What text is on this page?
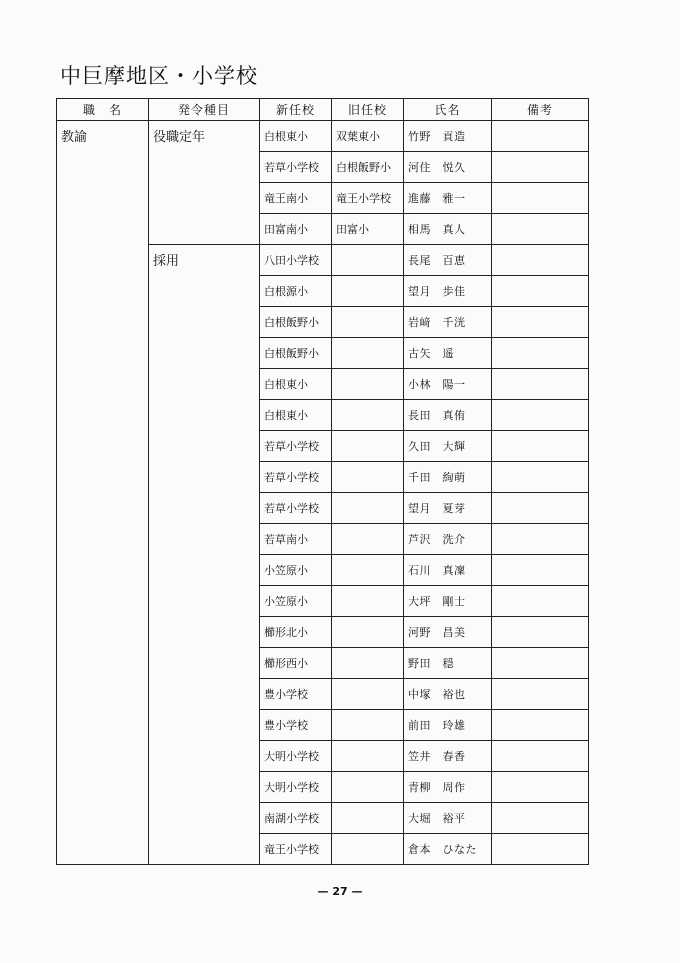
中巨摩地区・小学校
職　名	発令種目	新任校	旧任校	氏名	備考
教諭	役職定年	白根東小	双葉東小	竹野　貢造	
		若草小学校	白根飯野小	河住　悦久	
		竜王南小	竜王小学校	進藤　雅一	
		田富南小	田富小	相馬　真人	
	採用	八田小学校		長尾　百恵	
		白根源小		望月　歩佳	
		白根飯野小		岩﨑　千洸	
		白根飯野小		古矢　遥	
		白根東小		小林　陽一	
		白根東小		長田　真侑	
		若草小学校		久田　大輝	
		若草小学校		千田　絢萌	
		若草小学校		望月　夏芽	
		若草南小		芦沢　洗介	
		小笠原小		石川　真凜	
		小笠原小		大坪　剛士	
		櫛形北小		河野　昌美	
		櫛形西小		野田　穏	
		豊小学校		中塚　裕也	
		豊小学校		前田　玲雄	
		大明小学校		笠井　春香	
		大明小学校		青柳　周作	
		南湖小学校		大堀　裕平	
		竜王小学校		倉本　ひなた	
— 27 —
